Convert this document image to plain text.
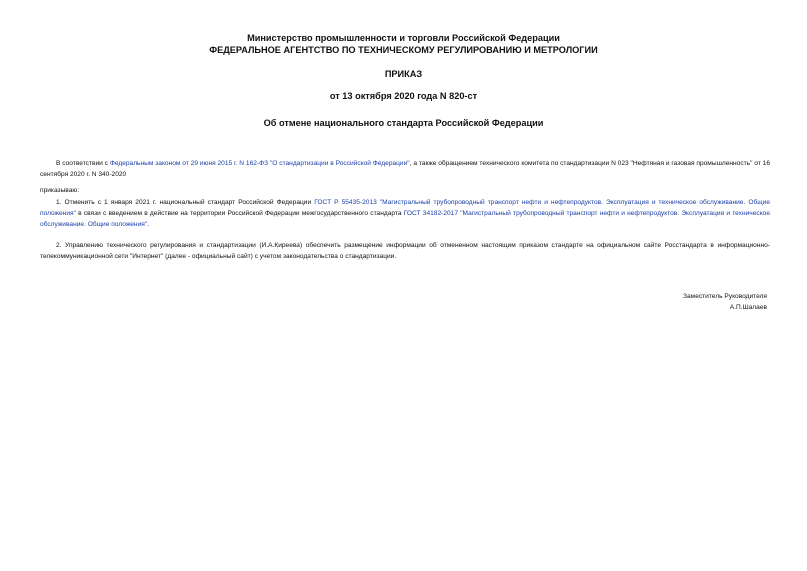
Министерство промышленности и торговли Российской Федерации
ФЕДЕРАЛЬНОЕ АГЕНТСТВО ПО ТЕХНИЧЕСКОМУ РЕГУЛИРОВАНИЮ И МЕТРОЛОГИИ
ПРИКАЗ
от 13 октября 2020 года N 820-ст
Об отмене национального стандарта Российской Федерации
В соответствии с Федеральным законом от 29 июня 2015 г. N 162-ФЗ "О стандартизации в Российской Федерации", а также обращением технического комитета по стандартизации N 023 "Нефтяная и газовая промышленность" от 16 сентября 2020 г. N 340-2020
приказываю:
1. Отменить с 1 января 2021 г. национальный стандарт Российской Федерации ГОСТ Р 55435-2013 "Магистральный трубопроводный транспорт нефти и нефтепродуктов. Эксплуатация и техническое обслуживание. Общие положения" в связи с введением в действие на территории Российской Федерации межгосударственного стандарта ГОСТ 34182-2017 "Магистральный трубопроводный транспорт нефти и нефтепродуктов. Эксплуатация и техническое обслуживание. Общие положения".
2. Управлению технического регулирования и стандартизации (И.А.Киреева) обеспечить размещение информации об отмененном настоящим приказом стандарте на официальном сайте Росстандарта в информационно-телекоммуникационной сети "Интернет" (далее - официальный сайт) с учетом законодательства о стандартизации.
Заместитель Руководителя
А.П.Шалаев
